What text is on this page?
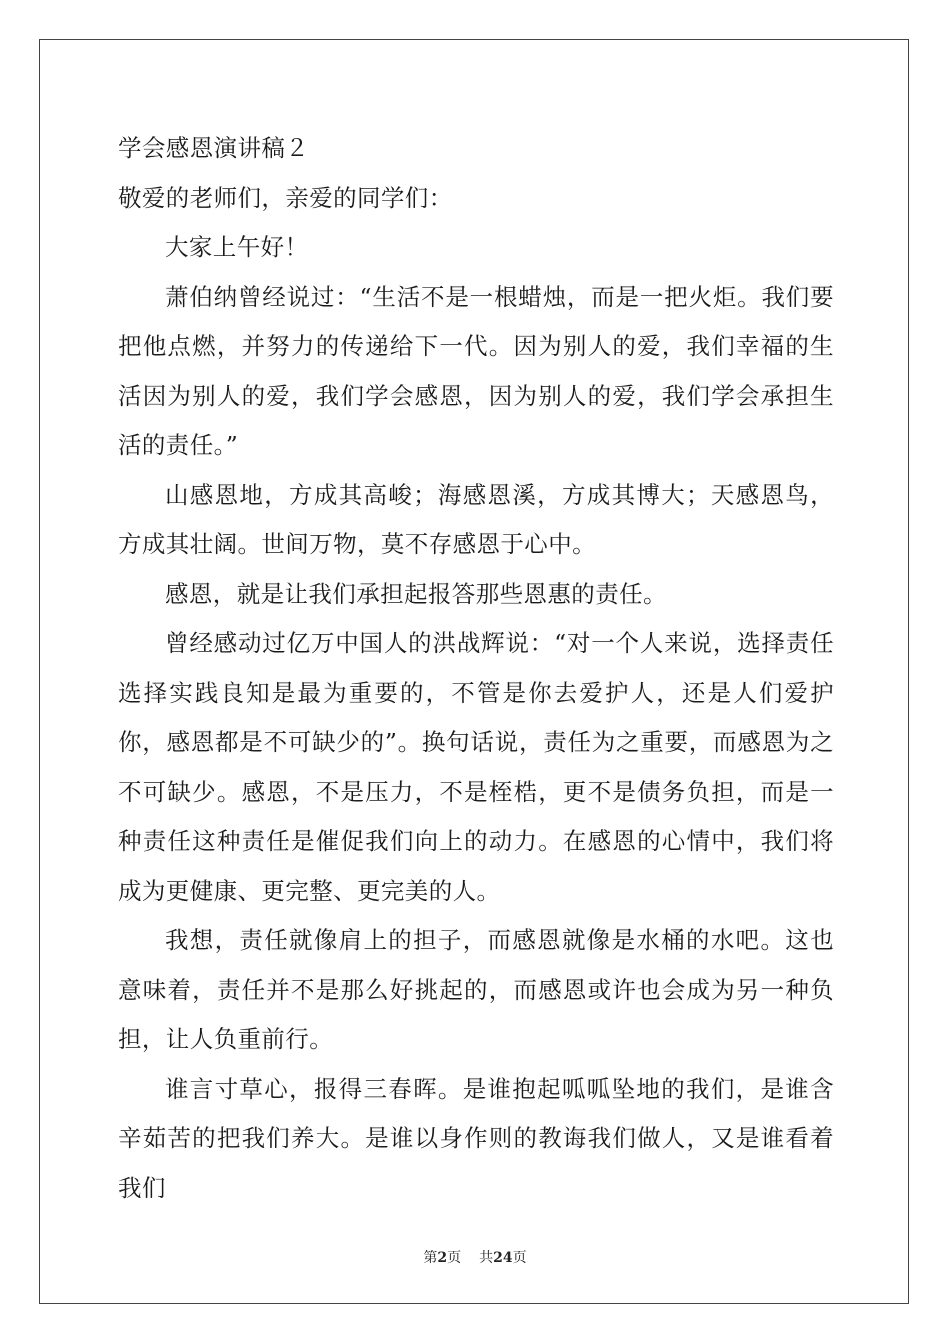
学会感恩演讲稿２
敬爱的老师们，亲爱的同学们：

大家上午好！

萧伯纳曾经说过：“生活不是一根蜡烛，而是一把火炬。我们要把他点燃，并努力的传递给下一代。因为别人的爱，我们幸福的生活因为别人的爱，我们学会感恩，因为别人的爱，我们学会承担生活的责任。”

山感恩地，方成其高峻；海感恩溪，方成其博大；天感恩鸟，方成其壮阔。世间万物，莫不存感恩于心中。

感恩，就是让我们承担起报答那些恩惠的责任。

曾经感动过亿万中国人的洪战辉说：“对一个人来说，选择责任选择实践良知是最为重要的，不管是你去爱护人，还是人们爱护你，感恩都是不可缺少的”。换句话说，责任为之重要，而感恩为之不可缺少。感恩，不是压力，不是桎梏，更不是债务负担，而是一种责任这种责任是催促我们向上的动力。在感恩的心情中，我们将成为更健康、更完整、更完美的人。

我想，责任就像肩上的担子，而感恩就像是水桶的水吧。这也意味着，责任并不是那么好挑起的，而感恩或许也会成为另一种负担，让人负重前行。

谁言寸草心，报得三春晖。是谁抱起呱呱坠地的我们，是谁含辛茹苦的把我们养大。是谁以身作则的教诲我们做人，又是谁看着我们

第2页 共24页
